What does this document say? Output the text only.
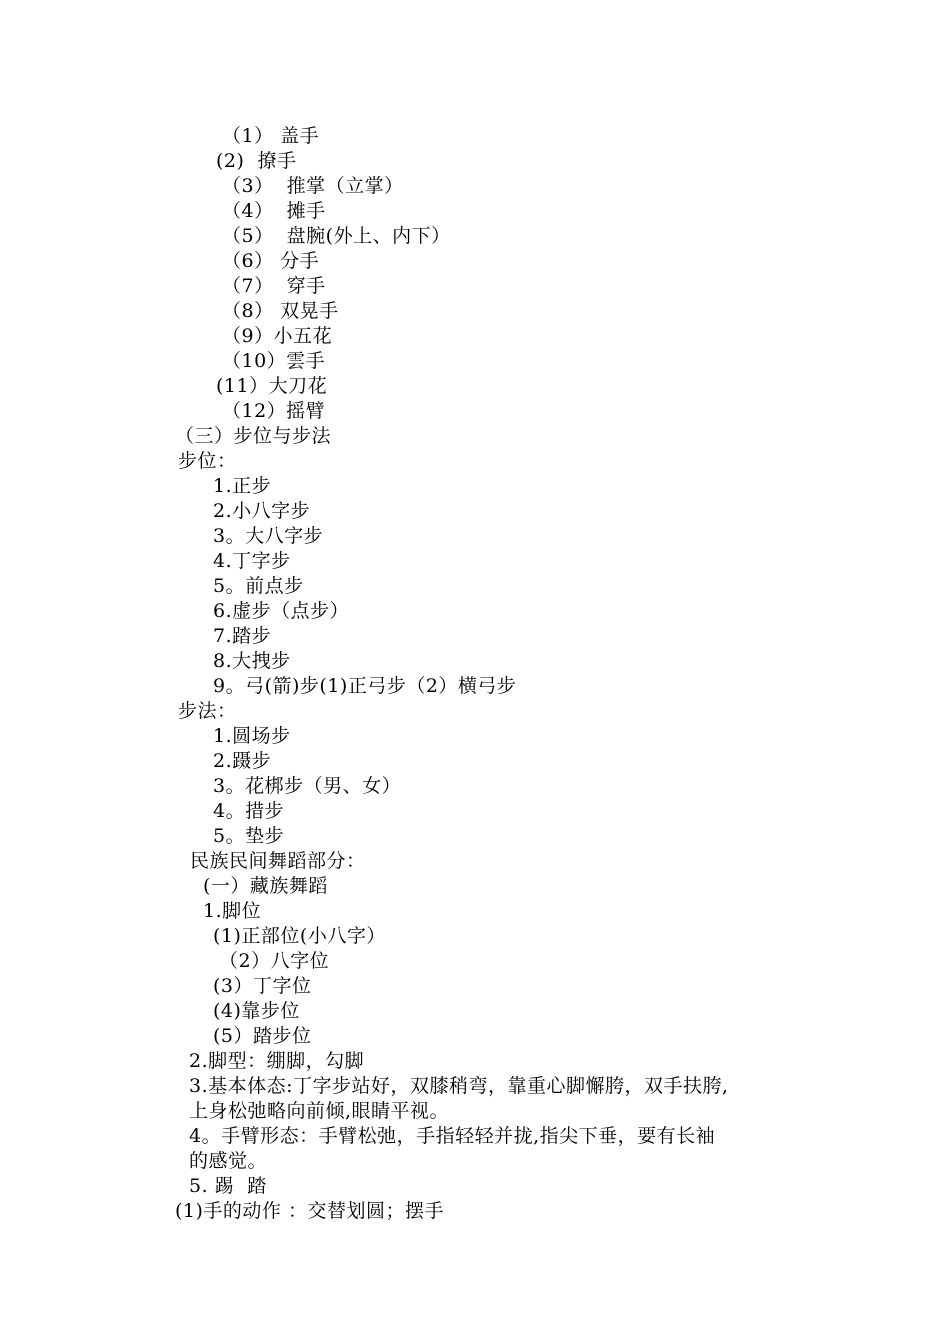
（1） 盖手
(2)  撩手
（3）  推掌（立掌）
（4）  摊手
（5）  盘腕(外上、内下）
（6） 分手
（7）  穿手
（8） 双晃手
（9）小五花
（10）雲手
(11）大刀花
（12）摇臂
（三）步位与步法
步位：
1.正步
2.小八字步
3。大八字步
4.丁字步
5。前点步
6.虚步（点步）
7.踏步
8.大拽步
9。弓(箭)步(1)正弓步（2）横弓步
步法：
1.圆场步
2.蹑步
3。花梆步（男、女）
4。措步
5。垫步
民族民间舞蹈部分：
(一）藏族舞蹈
1.脚位
(1)正部位(小八字）
（2）八字位
(3）丁字位
(4)靠步位
(5）踏步位
2.脚型：绷脚，勾脚
3.基本体态:丁字步站好，双膝稍弯，靠重心脚懈胯，双手扶胯,
上身松弛略向前倾,眼睛平视。
4。手臂形态：手臂松弛，手指轻轻并拢,指尖下垂，要有长袖
的感觉。
5. 踢  踏
(1)手的动作 ：交替划圆；摆手
